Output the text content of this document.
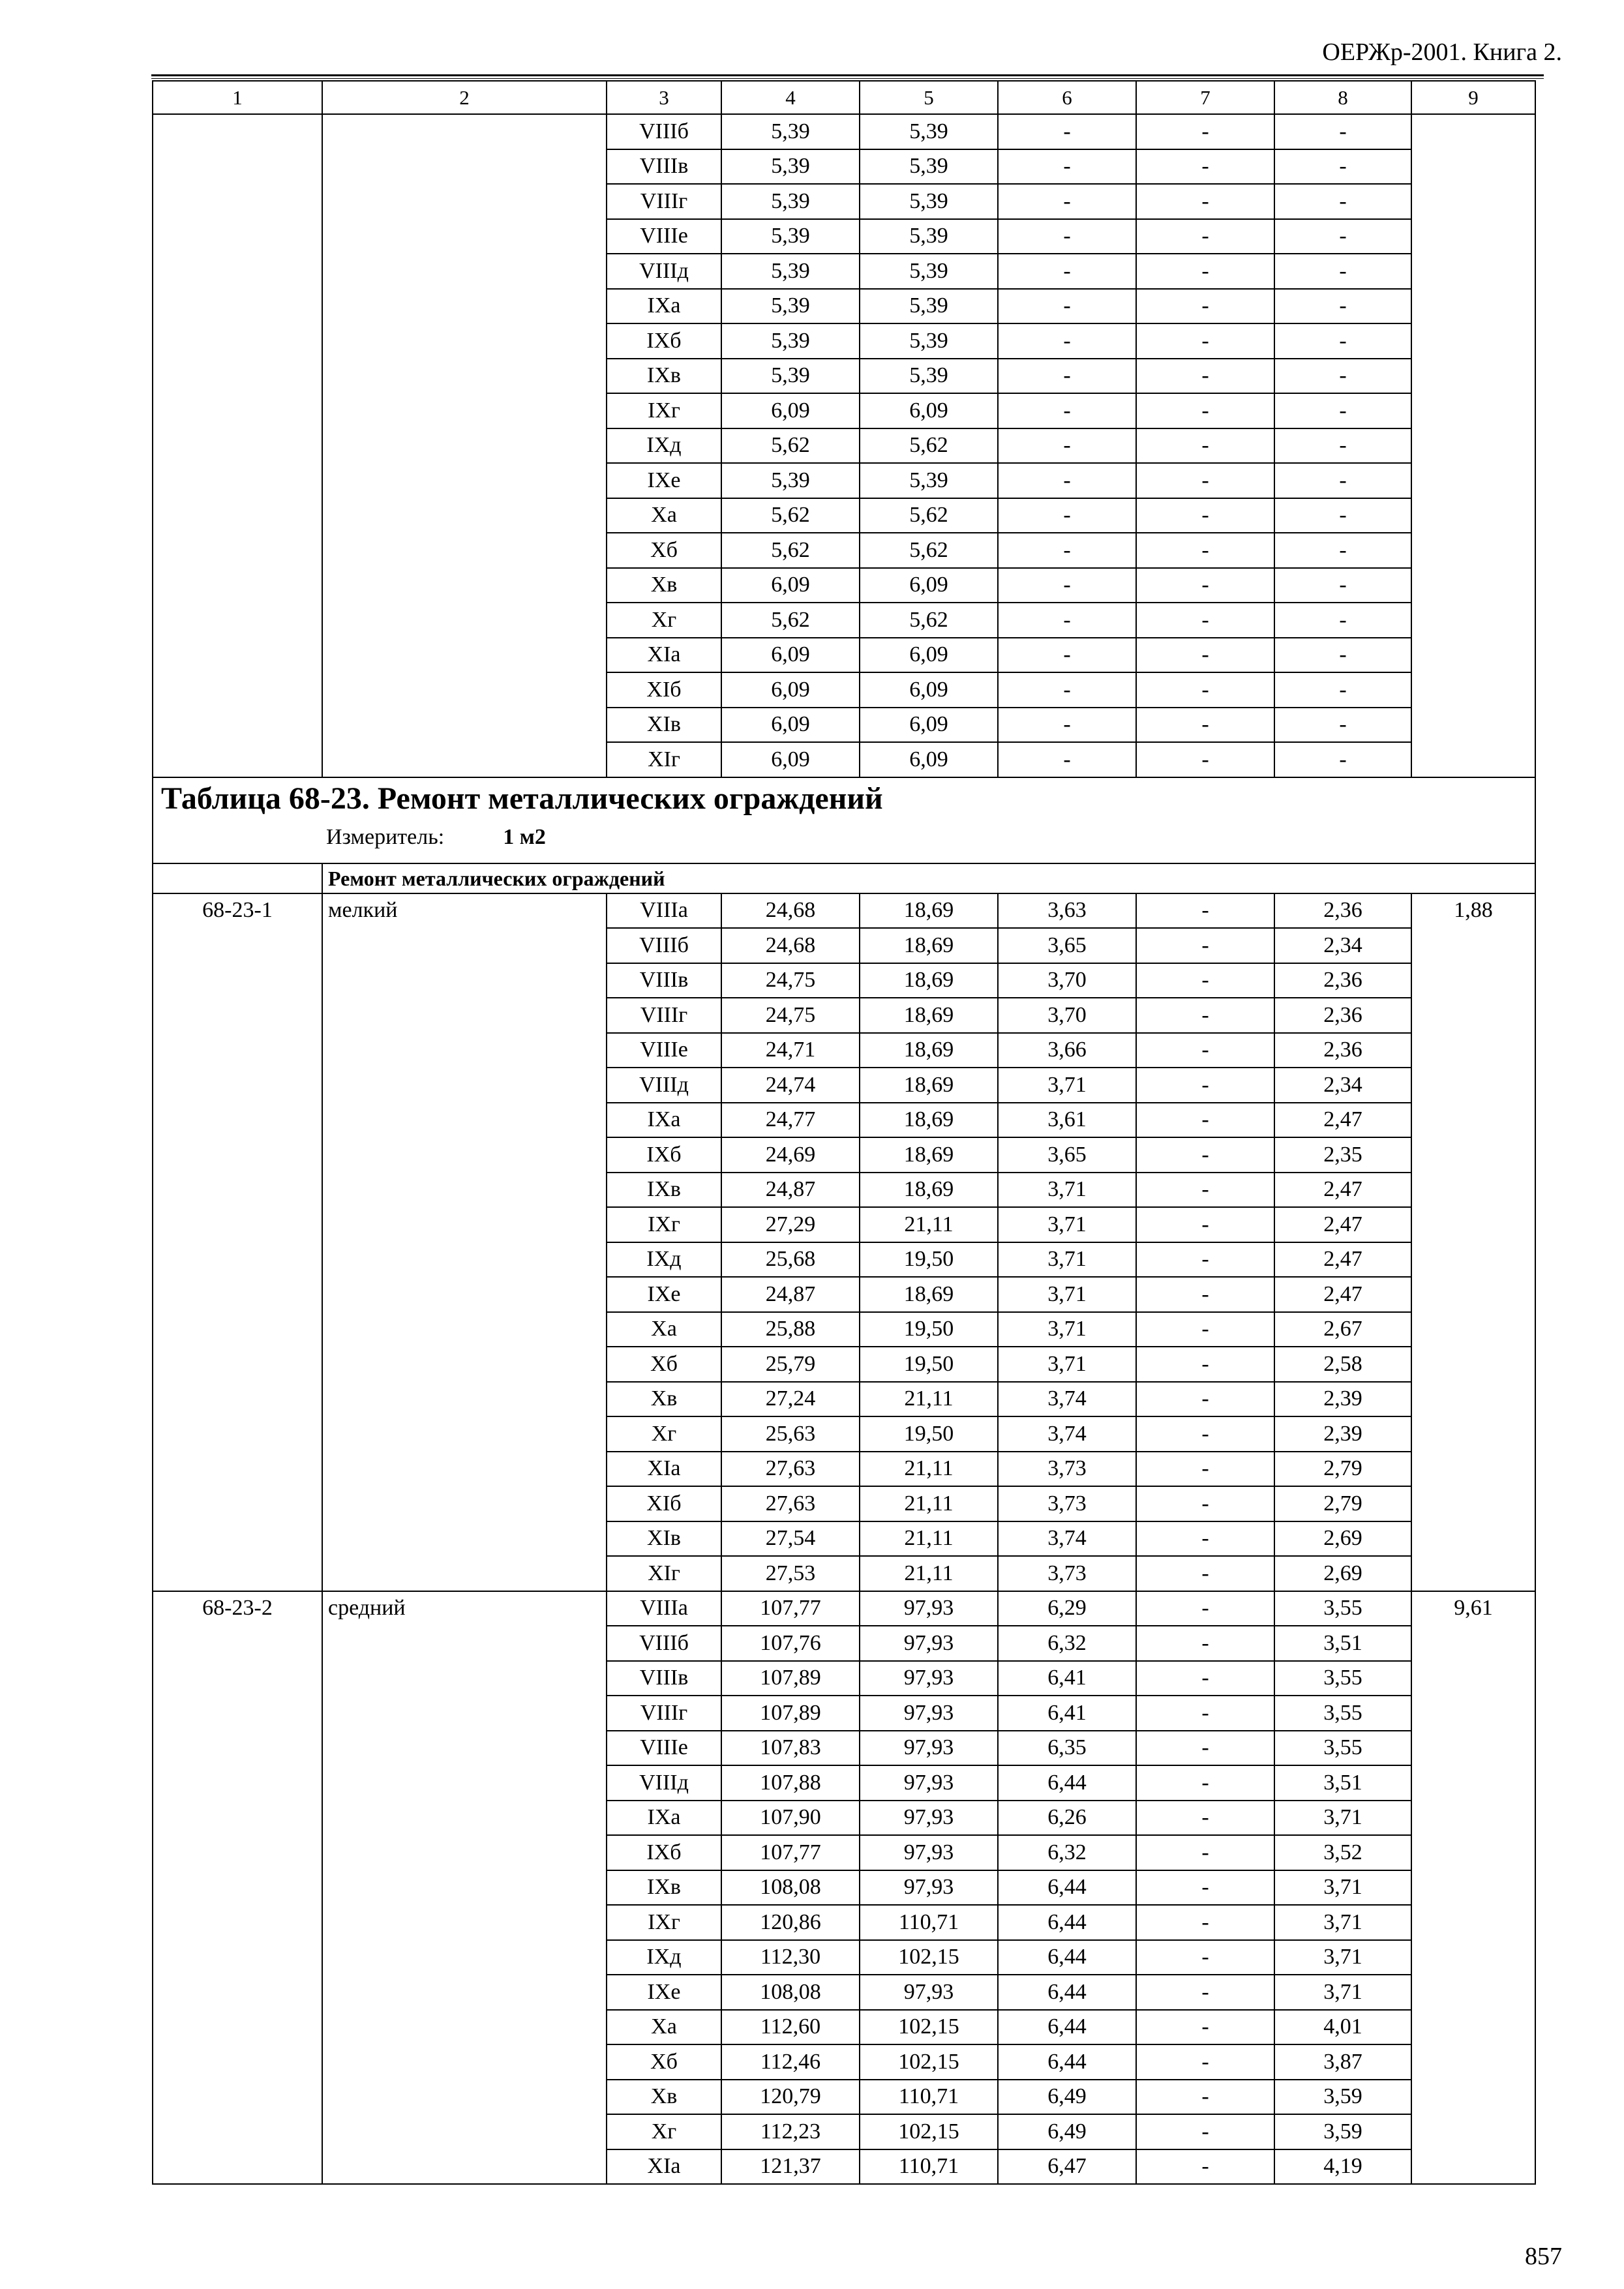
ОЕРЖр-2001. Книга 2.
1	2	3	4	5	6	7	8	9
		VIIIб	5,39	5,39	-	-	-	
		VIIIв	5,39	5,39	-	-	-	
		VIIIг	5,39	5,39	-	-	-	
		VIIIе	5,39	5,39	-	-	-	
		VIIIд	5,39	5,39	-	-	-	
		IXа	5,39	5,39	-	-	-	
		IXб	5,39	5,39	-	-	-	
		IXв	5,39	5,39	-	-	-	
		IXг	6,09	6,09	-	-	-	
		IXд	5,62	5,62	-	-	-	
		IXе	5,39	5,39	-	-	-	
		Xа	5,62	5,62	-	-	-	
		Xб	5,62	5,62	-	-	-	
		Xв	6,09	6,09	-	-	-	
		Xг	5,62	5,62	-	-	-	
		XIа	6,09	6,09	-	-	-	
		XIб	6,09	6,09	-	-	-	
		XIв	6,09	6,09	-	-	-	
		XIг	6,09	6,09	-	-	-	

Таблица 68-23. Ремонт металлических ограждений
Измеритель: 1 м2								

	Ремонт металлических ограждений							
68-23-1	мелкий	VIIIа	24,68	18,69	3,63	-	2,36	1,88
		VIIIб	24,68	18,69	3,65	-	2,34	
		VIIIв	24,75	18,69	3,70	-	2,36	
		VIIIг	24,75	18,69	3,70	-	2,36	
		VIIIе	24,71	18,69	3,66	-	2,36	
		VIIIд	24,74	18,69	3,71	-	2,34	
		IXа	24,77	18,69	3,61	-	2,47	
		IXб	24,69	18,69	3,65	-	2,35	
		IXв	24,87	18,69	3,71	-	2,47	
		IXг	27,29	21,11	3,71	-	2,47	
		IXд	25,68	19,50	3,71	-	2,47	
		IXе	24,87	18,69	3,71	-	2,47	
		Xа	25,88	19,50	3,71	-	2,67	
		Xб	25,79	19,50	3,71	-	2,58	
		Xв	27,24	21,11	3,74	-	2,39	
		Xг	25,63	19,50	3,74	-	2,39	
		XIа	27,63	21,11	3,73	-	2,79	
		XIб	27,63	21,11	3,73	-	2,79	
		XIв	27,54	21,11	3,74	-	2,69	
		XIг	27,53	21,11	3,73	-	2,69	
68-23-2	средний	VIIIа	107,77	97,93	6,29	-	3,55	9,61
		VIIIб	107,76	97,93	6,32	-	3,51	
		VIIIв	107,89	97,93	6,41	-	3,55	
		VIIIг	107,89	97,93	6,41	-	3,55	
		VIIIе	107,83	97,93	6,35	-	3,55	
		VIIIд	107,88	97,93	6,44	-	3,51	
		IXа	107,90	97,93	6,26	-	3,71	
		IXб	107,77	97,93	6,32	-	3,52	
		IXв	108,08	97,93	6,44	-	3,71	
		IXг	120,86	110,71	6,44	-	3,71	
		IXд	112,30	102,15	6,44	-	3,71	
		IXе	108,08	97,93	6,44	-	3,71	
		Xа	112,60	102,15	6,44	-	4,01	
		Xб	112,46	102,15	6,44	-	3,87	
		Xв	120,79	110,71	6,49	-	3,59	
		Xг	112,23	102,15	6,49	-	3,59	
		XIа	121,37	110,71	6,47	-	4,19	
857
